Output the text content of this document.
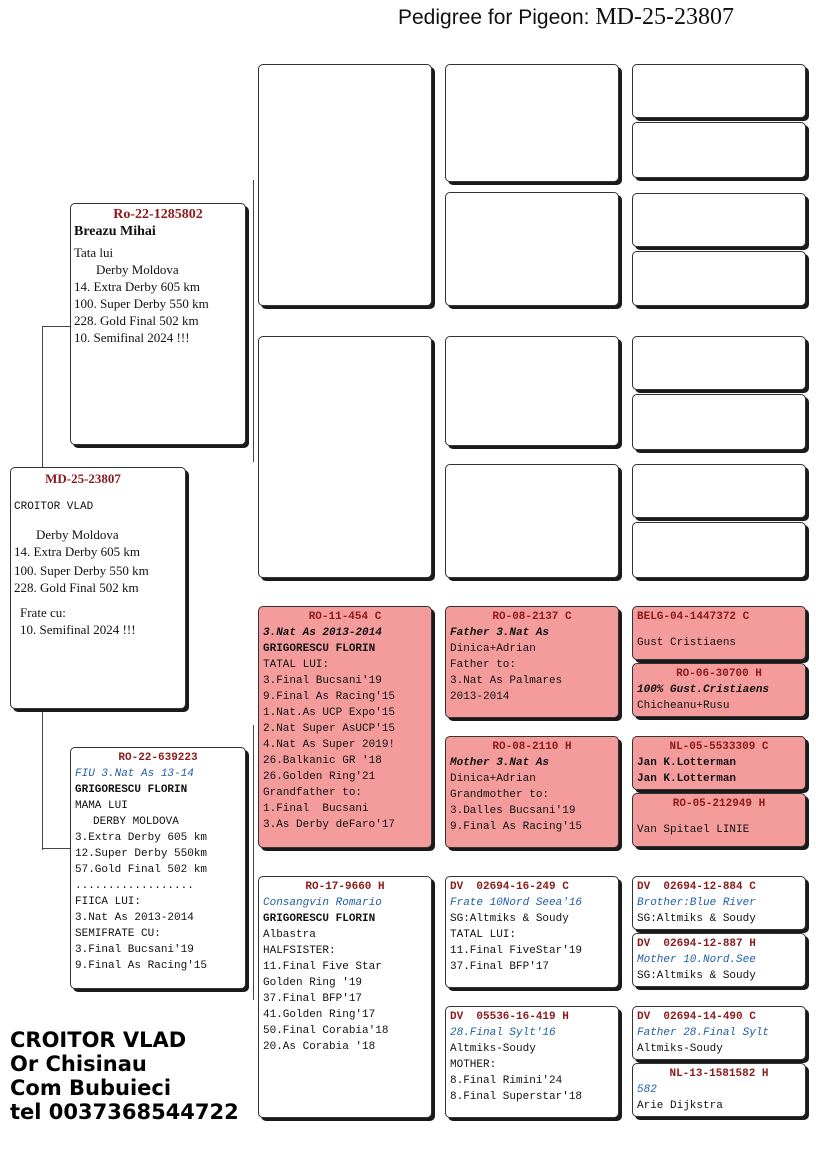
Pedigree for Pigeon: MD-25-23807
MD-25-23807
CROITOR VLAD
Derby Moldova
14. Extra Derby 605 km
100. Super Derby 550 km
228. Gold Final 502 km
Frate cu:
10. Semifinal 2024 !!!
Ro-22-1285802
Breazu Mihai
Tata lui
Derby Moldova
14. Extra Derby 605 km
100. Super Derby 550 km
228. Gold Final 502 km
10. Semifinal 2024 !!!
RO-22-639223
FIU 3.Nat As 13-14
GRIGORESCU FLORIN
MAMA LUI
DERBY MOLDOVA
3.Extra Derby 605 km
12.Super Derby 550km
57.Gold Final 502 km
..................
FIICA LUI:
3.Nat As 2013-2014
SEMIFRATE CU:
3.Final Bucsani'19
9.Final As Racing'15
RO-11-454 C
3.Nat As 2013-2014
GRIGORESCU FLORIN
TATAL LUI:
3.Final Bucsani'19
9.Final As Racing'15
1.Nat.As UCP Expo'15
2.Nat Super AsUCP'15
4.Nat As Super 2019!
26.Balkanic GR '18
26.Golden Ring'21
Grandfather to:
1.Final  Bucsani
3.As Derby deFaro'17
RO-17-9660 H
Consangvin Romario
GRIGORESCU FLORIN
Albastra
HALFSISTER:
11.Final Five Star
Golden Ring '19
37.Final BFP'17
41.Golden Ring'17
50.Final Corabia'18
20.As Corabia '18
RO-08-2137 C
Father 3.Nat As
Dinica+Adrian
Father to:
3.Nat As Palmares
2013-2014
RO-08-2110 H
Mother 3.Nat As
Dinica+Adrian
Grandmother to:
3.Dalles Bucsani'19
9.Final As Racing'15
DV  02694-16-249 C
Frate 10Nord Seea'16
SG:Altmiks & Soudy
TATAL LUI:
11.Final FiveStar'19
37.Final BFP'17
DV  05536-16-419 H
28.Final Sylt'16
Altmiks-Soudy
MOTHER:
8.Final Rimini'24
8.Final Superstar'18
BELG-04-1447372 C
Gust Cristiaens
RO-06-30700 H
100% Gust.Cristiaens
Chicheanu+Rusu
NL-05-5533309 C
Jan K.Lotterman
Jan K.Lotterman
RO-05-212949 H
Van Spitael LINIE
DV  02694-12-884 C
Brother:Blue River
SG:Altmiks & Soudy
DV  02694-12-887 H
Mother 10.Nord.See
SG:Altmiks & Soudy
DV  02694-14-490 C
Father 28.Final Sylt
Altmiks-Soudy
NL-13-1581582 H
582
Arie Dijkstra
CROITOR VLAD
Or Chisinau
Com Bubuieci
tel 0037368544722
